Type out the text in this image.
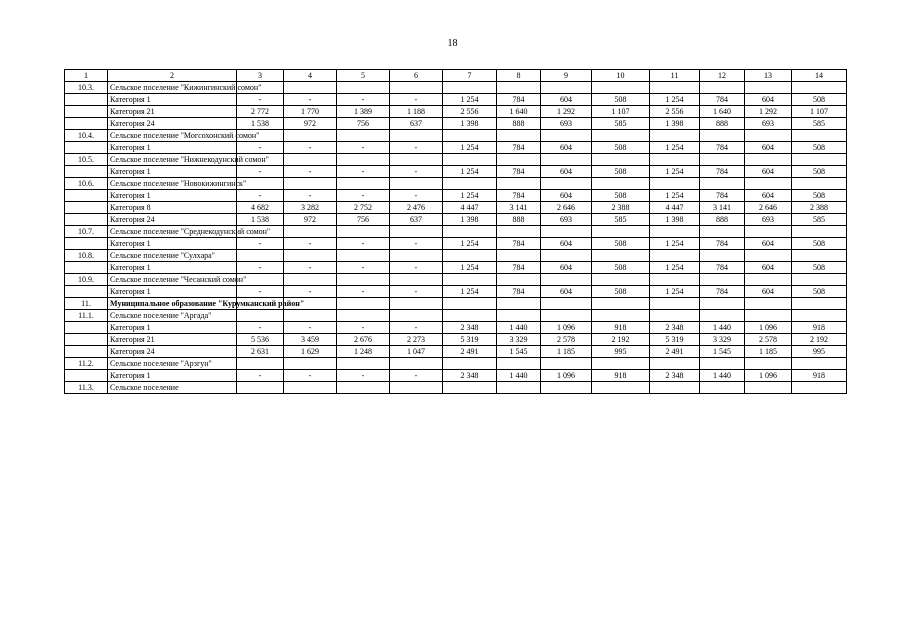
18
1	2	3	4	5	6	7	8	9	10	11	12	13	14
10.3.	Сельское поселение "Кижингинский сомон"												
	Категория 1	-	-	-	-	1 254	784	604	508	1 254	784	604	508
	Категория 21	2 772	1 770	1 389	1 188	2 556	1 640	1 292	1 107	2 556	1 640	1 292	1 107
	Категория 24	1 538	972	756	637	1 398	888	693	585	1 398	888	693	585
10.4.	Сельское поселение "Могсохонский сомон"												
	Категория 1	-	-	-	-	1 254	784	604	508	1 254	784	604	508
10.5.	Сельское поселение "Нижнекодунский сомон"												
	Категория 1	-	-	-	-	1 254	784	604	508	1 254	784	604	508
10.6.	Сельское поселение "Новокижингинск"												
	Категория 1	-	-	-	-	1 254	784	604	508	1 254	784	604	508
	Категория 8	4 682	3 282	2 752	2 476	4 447	3 141	2 646	2 388	4 447	3 141	2 646	2 388
	Категория 24	1 538	972	756	637	1 398	888	693	585	1 398	888	693	585
10.7.	Сельское поселение "Среднекодунский сомон"												
	Категория 1	-	-	-	-	1 254	784	604	508	1 254	784	604	508
10.8.	Сельское поселение "Сулхара"												
	Категория 1	-	-	-	-	1 254	784	604	508	1 254	784	604	508
10.9.	Сельское поселение "Чесанский сомон"												
	Категория 1	-	-	-	-	1 254	784	604	508	1 254	784	604	508
11.	Муниципальное образование "Курумканский район"												
11.1.	Сельское поселение "Аргада"												
	Категория 1	-	-	-	-	2 348	1 440	1 096	918	2 348	1 440	1 096	918
	Категория 21	5 536	3 459	2 676	2 273	5 319	3 329	2 578	2 192	5 319	3 329	2 578	2 192
	Категория 24	2 631	1 629	1 248	1 047	2 491	1 545	1 185	995	2 491	1 545	1 185	995
11.2.	Сельское поселение "Арзгун"												
	Категория 1	-	-	-	-	2 348	1 440	1 096	918	2 348	1 440	1 096	918
11.3.	Сельское поселение												
